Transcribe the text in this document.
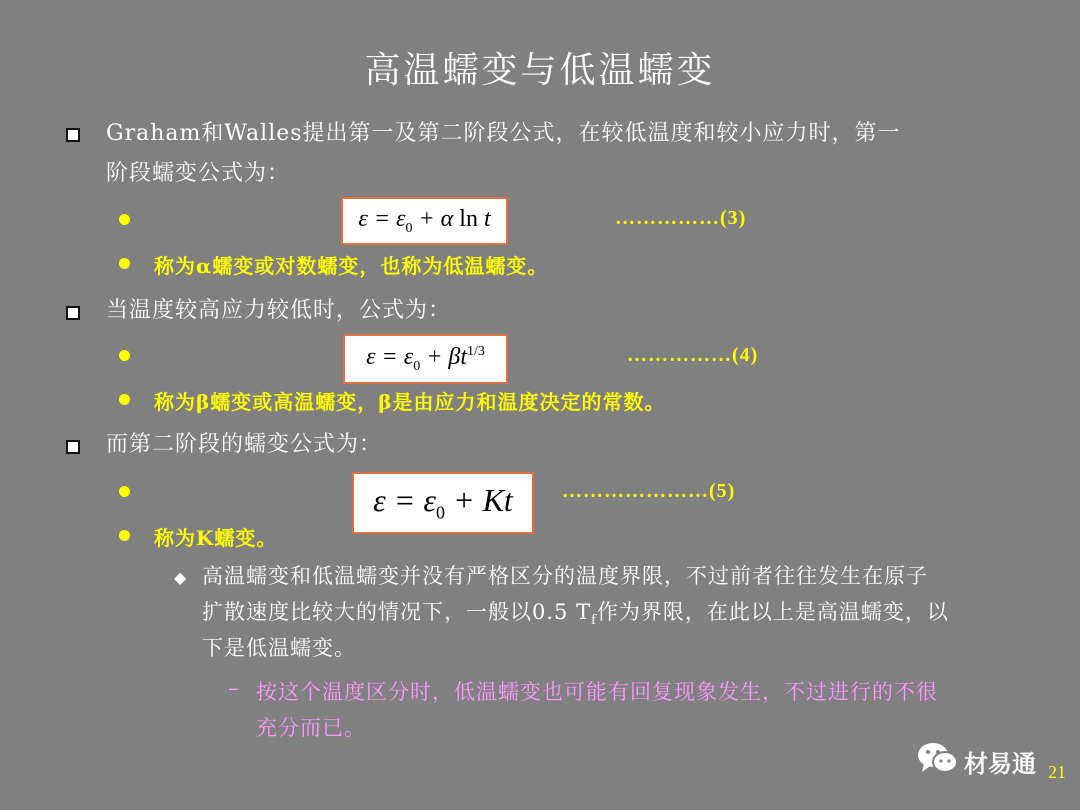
高温蠕变与低温蠕变
Graham和Walles提出第一及第二阶段公式，在较低温度和较小应力时，第一
阶段蠕变公式为：
$\varepsilon = \varepsilon_0 + \alpha$ ln t	……………(3)
称为α蠕变或对数蠕变，也称为低温蠕变。
当温度较高应力较低时，公式为：
$\varepsilon = \varepsilon_0 + \beta t^{1/3}$	……………(4)
称为β蠕变或高温蠕变，β是由应力和温度决定的常数。
而第二阶段的蠕变公式为：
$\varepsilon = \varepsilon_0 + Kt$ …………………(5)
称为K蠕变。
◆ 高温蠕变和低温蠕变并没有严格区分的温度界限，不过前者往往发生在原子
扩散速度比较大的情况下，一般以0.5 $T_f$作为界限，在此以上是高温蠕变，以
下是低温蠕变。
– 按这个温度区分时，低温蠕变也可能有回复现象发生，不过进行的不很
充分而已。
材易通 21
